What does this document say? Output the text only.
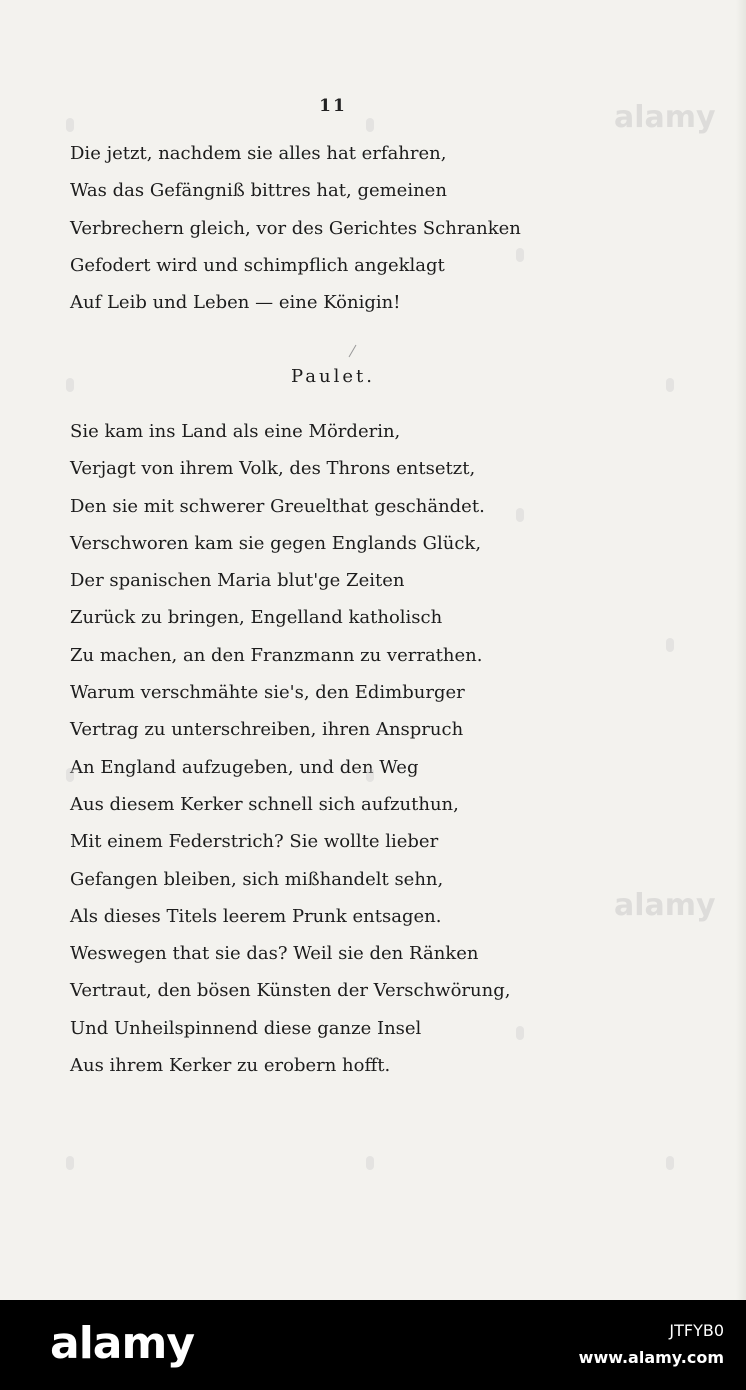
11
Die jetzt, nachdem sie alles hat erfahren,
Was das Gefängniß bittres hat, gemeinen
Verbrechern gleich, vor des Gerichtes Schranken
Gefodert wird und schimpflich angeklagt
Auf Leib und Leben — eine Königin!
Paulet.
Sie kam ins Land als eine Mörderin,
Verjagt von ihrem Volk, des Throns entsetzt,
Den sie mit schwerer Greuelthat geschändet.
Verschworen kam sie gegen Englands Glück,
Der spanischen Maria blut'ge Zeiten
Zurück zu bringen, Engelland katholisch
Zu machen, an den Franzmann zu verrathen.
Warum verschmähte sie's, den Edimburger
Vertrag zu unterschreiben, ihren Anspruch
An England aufzugeben, und den Weg
Aus diesem Kerker schnell sich aufzuthun,
Mit einem Federstrich? Sie wollte lieber
Gefangen bleiben, sich mißhandelt sehn,
Als dieses Titels leerem Prunk entsagen.
Weswegen that sie das? Weil sie den Ränken
Vertraut, den bösen Künsten der Verschwörung,
Und Unheilspinnend diese ganze Insel
Aus ihrem Kerker zu erobern hofft.
alamy
alamy
alamy	JTFYB0
www.alamy.com
